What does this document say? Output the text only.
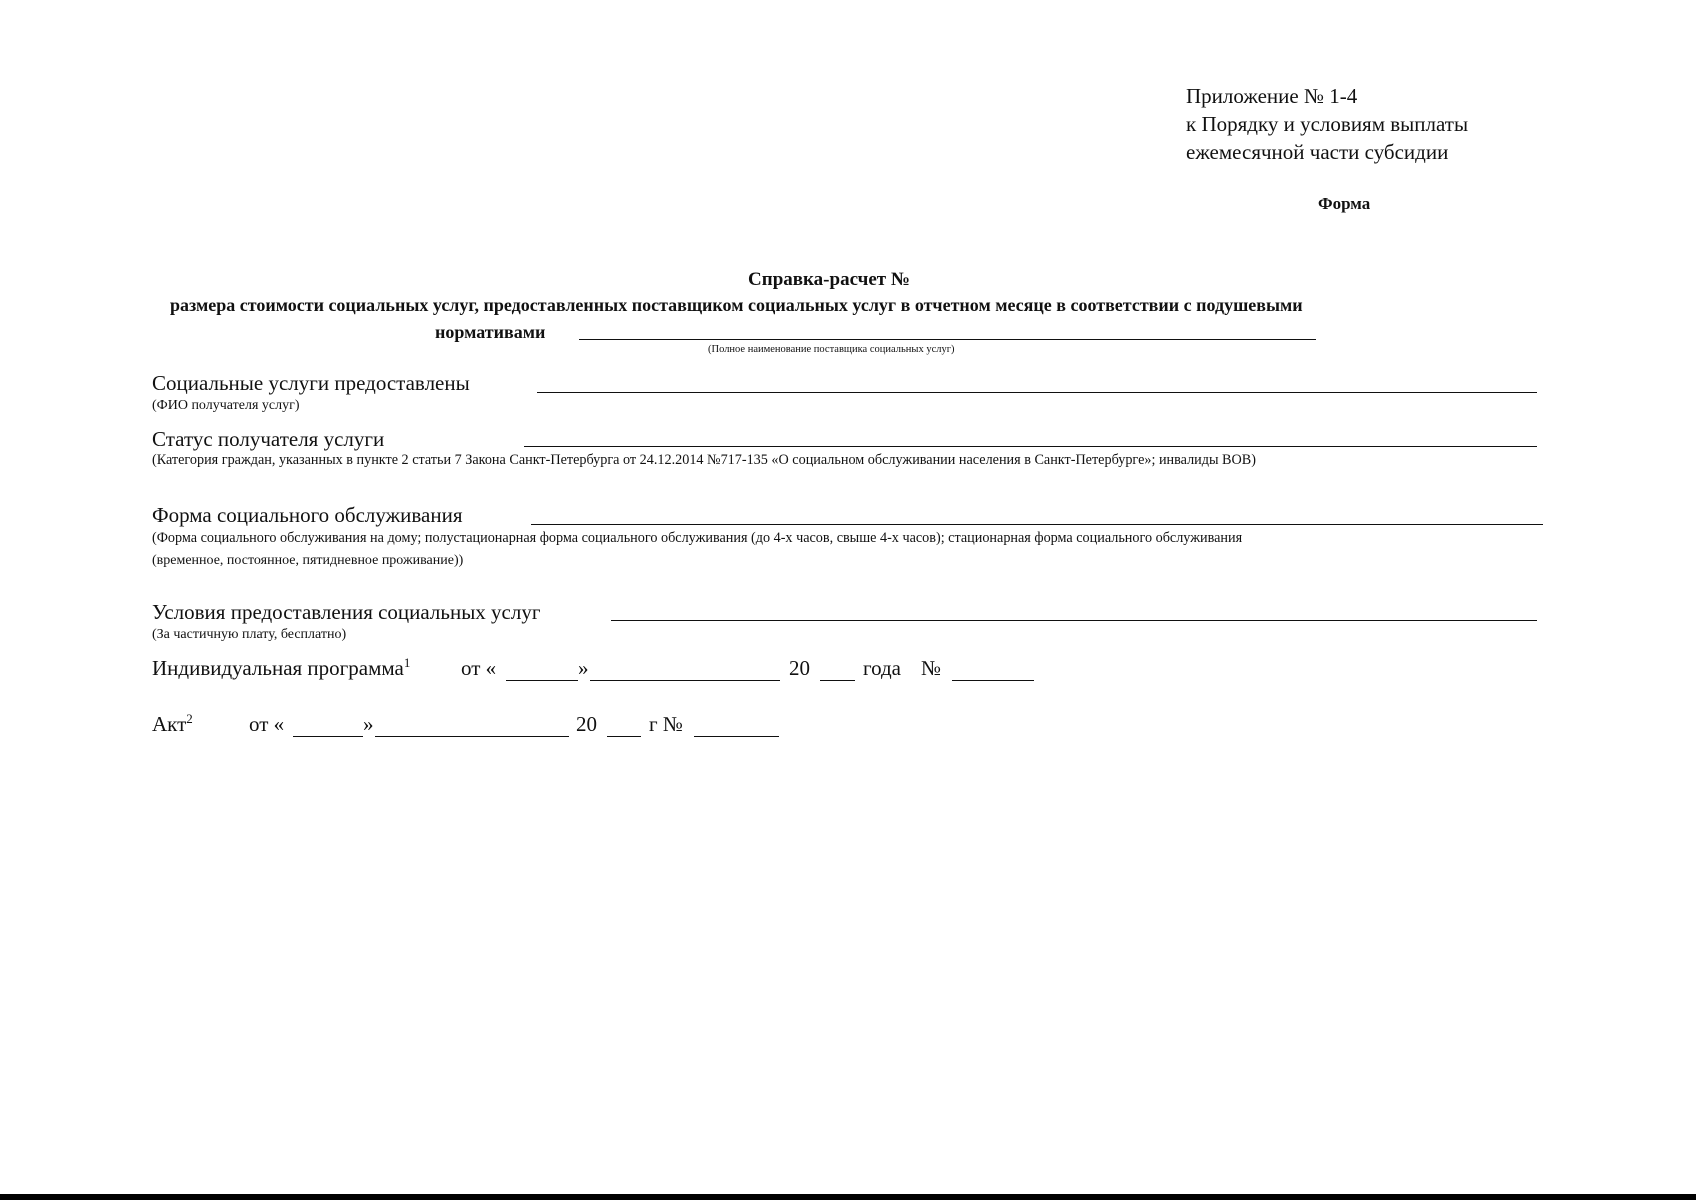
Приложение № 1-4
к Порядку и условиям выплаты
ежемесячной части субсидии
Форма
Справка-расчет №
размера стоимости социальных услуг, предоставленных поставщиком социальных услуг в отчетном месяце в соответствии с подушевыми
нормативами
(Полное наименование поставщика социальных услуг)
Социальные услуги предоставлены
(ФИО получателя услуг)
Статус получателя услуги
(Категория граждан, указанных в пункте 2 статьи 7 Закона Санкт-Петербурга от 24.12.2014 №717-135 «О социальном обслуживании населения в Санкт-Петербурге»; инвалиды ВОВ)
Форма социального обслуживания
(Форма социального обслуживания на дому; полустационарная форма социального обслуживания (до 4-х часов, свыше 4-х часов); стационарная форма социального обслуживания
(временное, постоянное, пятидневное проживание))
Условия предоставления социальных услуг
(За частичную плату, бесплатно)
Индивидуальная программа$^1$ от «	»	20	года №
Акт$^2$	от «	»	20 г №
